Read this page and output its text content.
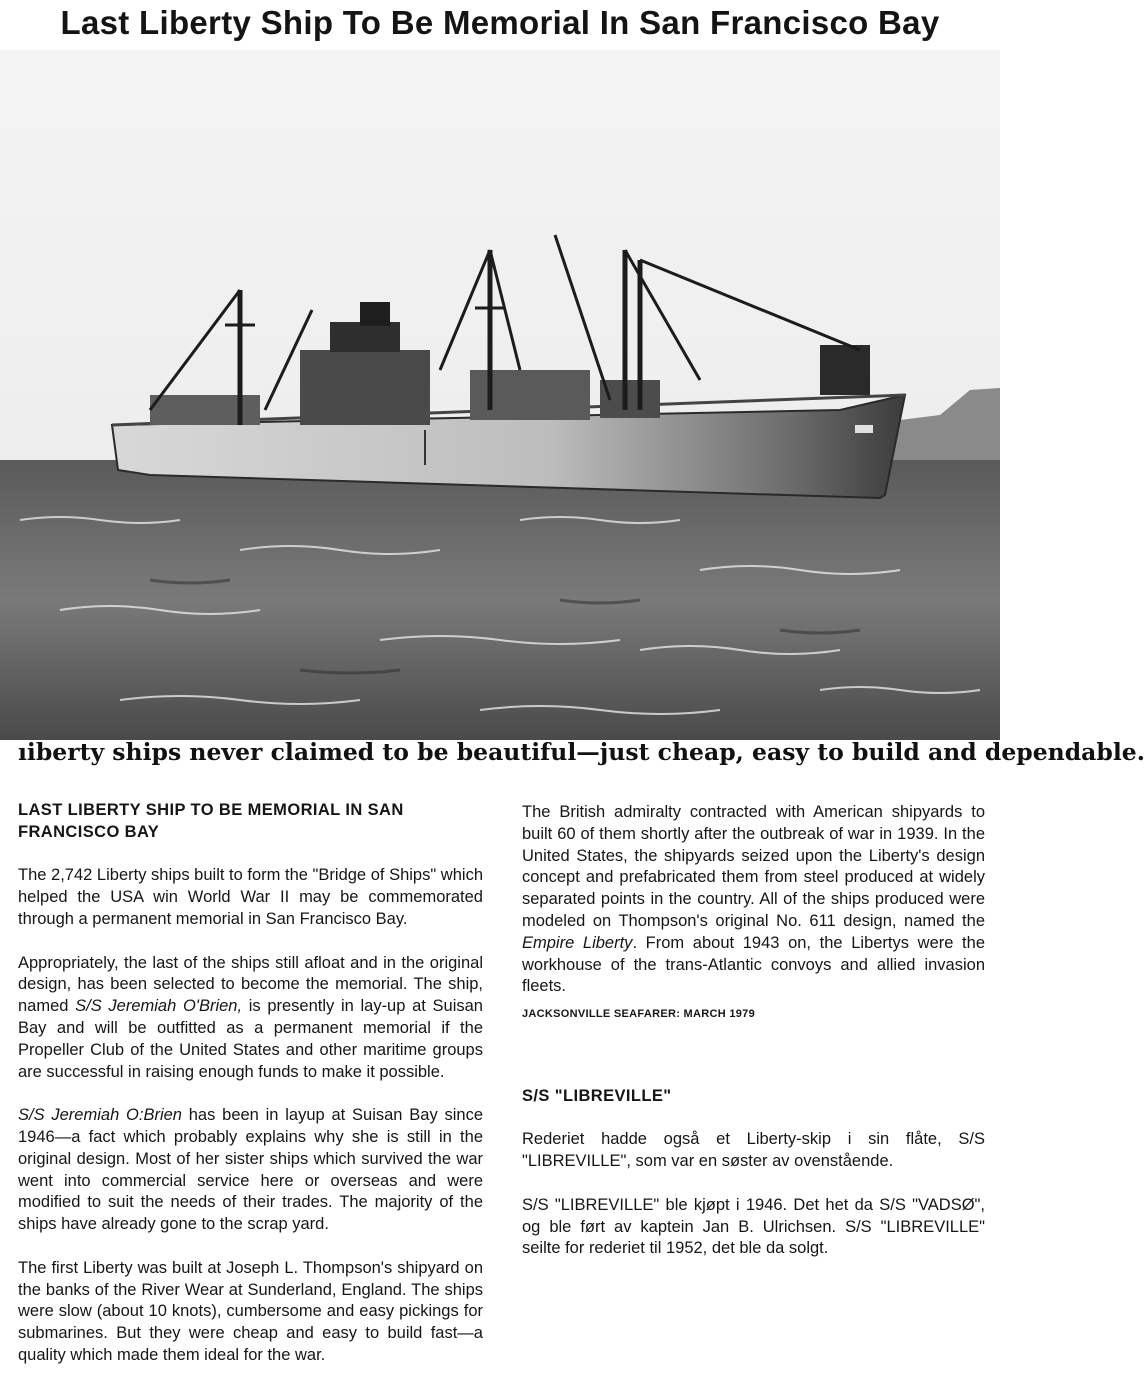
Last Liberty Ship To Be Memorial In San Francisco Bay
ıiberty ships never claimed to be beautiful—just cheap, easy to build and dependable.
LAST LIBERTY SHIP TO BE MEMORIAL IN SAN FRANCISCO BAY

The 2,742 Liberty ships built to form the "Bridge of Ships" which helped the USA win World War II may be commemorated through a permanent memorial in San Francisco Bay.

Appropriately, the last of the ships still afloat and in the original design, has been selected to become the memorial. The ship, named S/S Jeremiah O'Brien, is presently in lay-up at Suisan Bay and will be outfitted as a permanent memorial if the Propeller Club of the United States and other maritime groups are successful in raising enough funds to make it possible.

S/S Jeremiah O:Brien has been in layup at Suisan Bay since 1946—a fact which probably explains why she is still in the original design. Most of her sister ships which survived the war went into commercial service here or overseas and were modified to suit the needs of their trades. The majority of the ships have already gone to the scrap yard.

The first Liberty was built at Joseph L. Thompson's shipyard on the banks of the River Wear at Sunderland, England. The ships were slow (about 10 knots), cumbersome and easy pickings for submarines. But they were cheap and easy to build fast—a quality which made them ideal for the war.

The British admiralty contracted with American shipyards to built 60 of them shortly after the outbreak of war in 1939. In the United States, the shipyards seized upon the Liberty's design concept and prefabricated them from steel produced at widely separated points in the country. All of the ships produced were modeled on Thompson's original No. 611 design, named the Empire Liberty. From about 1943 on, the Libertys were the workhouse of the trans-Atlantic convoys and allied invasion fleets.

JACKSONVILLE SEAFARER: MARCH 1979

S/S "LIBREVILLE"

Rederiet hadde også et Liberty-skip i sin flåte, S/S "LIBREVILLE", som var en søster av ovenstående.

S/S "LIBREVILLE" ble kjøpt i 1946. Det het da S/S "VADSØ", og ble ført av kaptein Jan B. Ulrichsen. S/S "LIBREVILLE" seilte for rederiet til 1952, det ble da solgt.
